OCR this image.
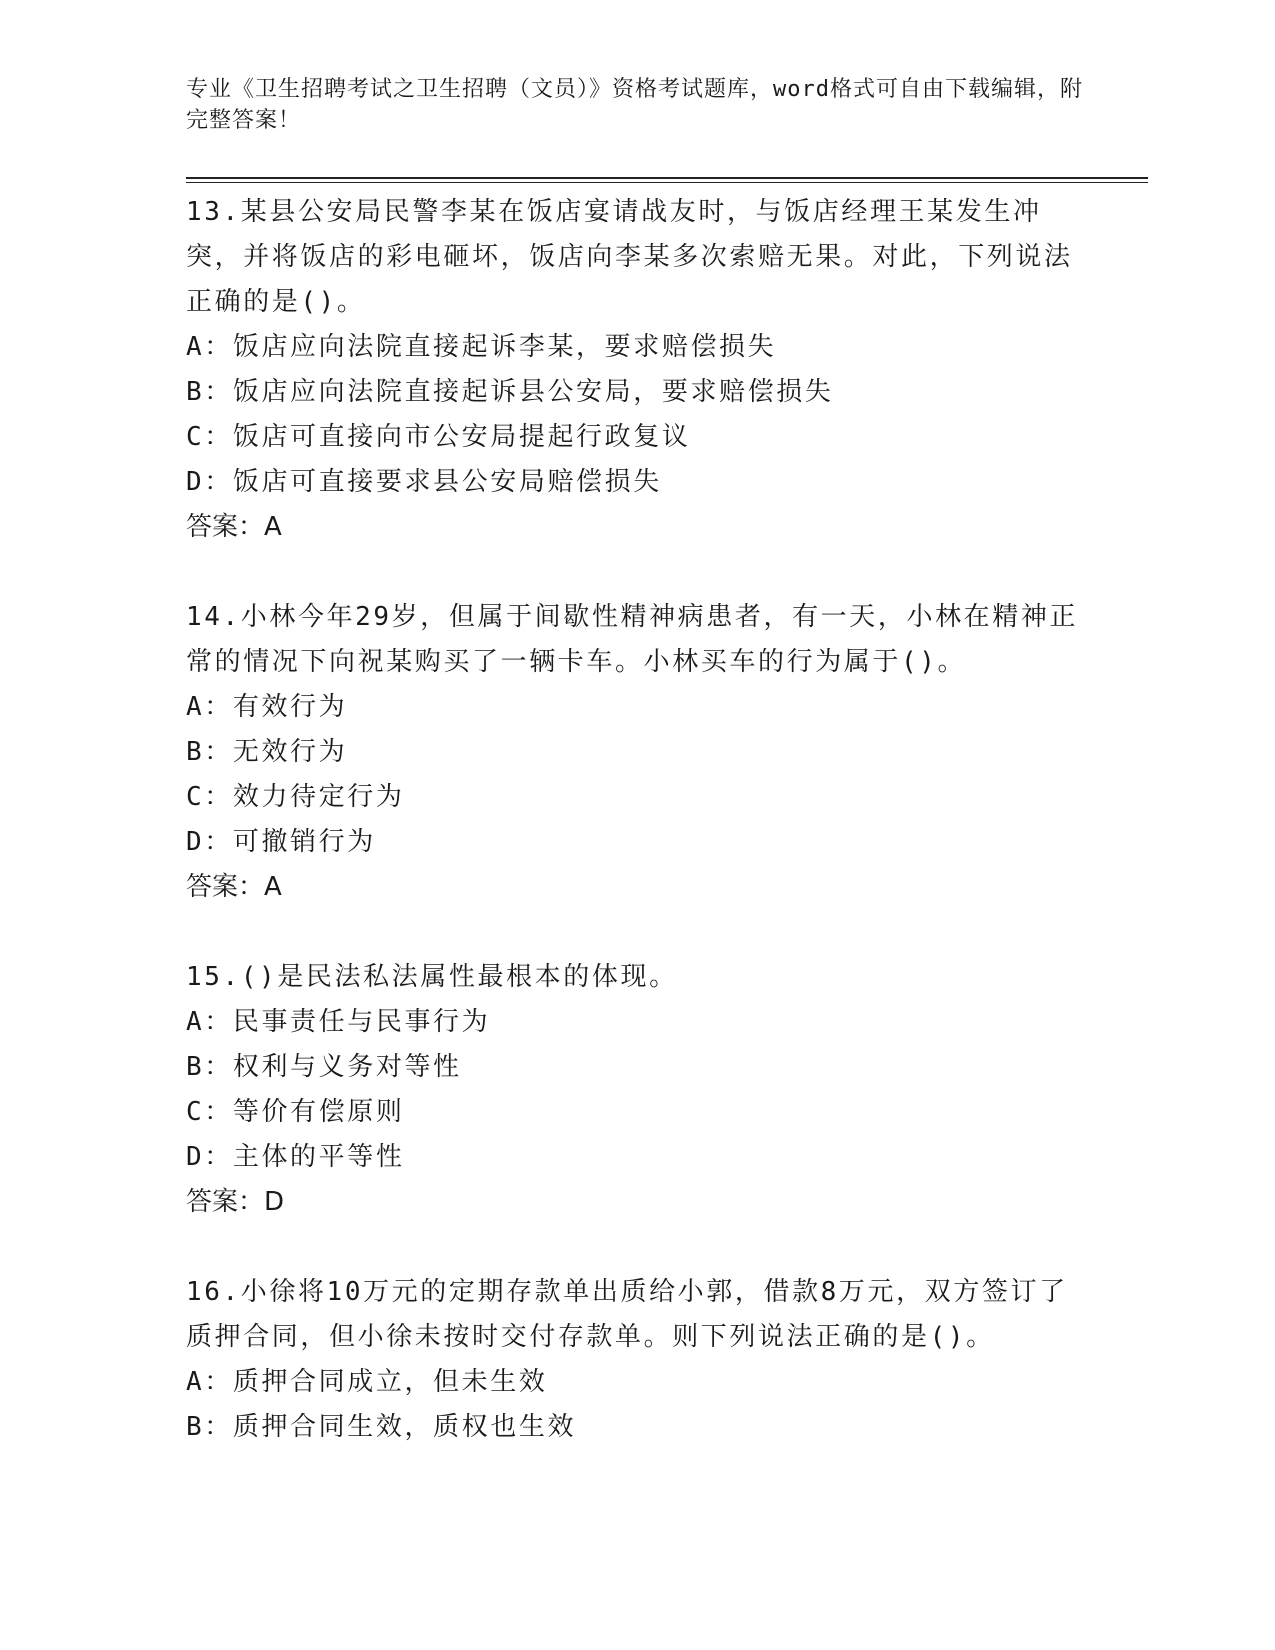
专业《卫生招聘考试之卫生招聘（文员）》资格考试题库，word格式可自由下载编辑，附完整答案！

13.某县公安局民警李某在饭店宴请战友时，与饭店经理王某发生冲突，并将饭店的彩电砸坏，饭店向李某多次索赔无果。对此，下列说法正确的是()。

A：饭店应向法院直接起诉李某，要求赔偿损失

B：饭店应向法院直接起诉县公安局，要求赔偿损失

C：饭店可直接向市公安局提起行政复议

D：饭店可直接要求县公安局赔偿损失

答案：A

14.小林今年29岁，但属于间歇性精神病患者，有一天，小林在精神正常的情况下向祝某购买了一辆卡车。小林买车的行为属于()。

A：有效行为

B：无效行为

C：效力待定行为

D：可撤销行为

答案：A

15.()是民法私法属性最根本的体现。

A：民事责任与民事行为

B：权利与义务对等性

C：等价有偿原则

D：主体的平等性

答案：D

16.小徐将10万元的定期存款单出质给小郭，借款8万元，双方签订了质押合同，但小徐未按时交付存款单。则下列说法正确的是()。

A：质押合同成立，但未生效

B：质押合同生效，质权也生效
